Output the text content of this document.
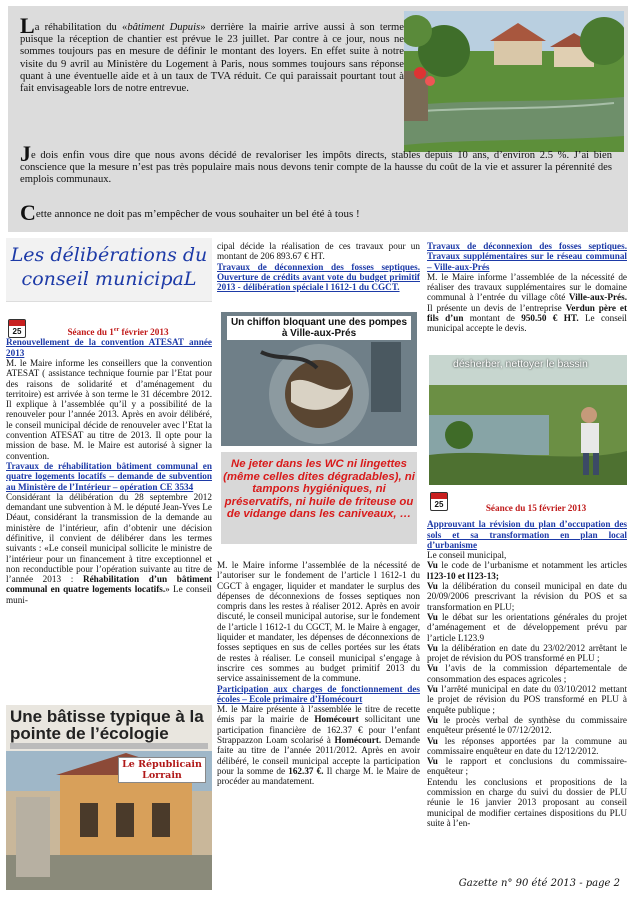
La réhabilitation du «bâtiment Dupuis» derrière la mairie arrive aussi à son terme puisque la réception de chantier est prévue le 23 juillet. Par contre à ce jour, nous ne sommes toujours pas en mesure de définir le montant des loyers. En effet suite à notre visite du 9 avril au Ministère du Logement à Paris, nous sommes toujours sans réponse quant à une éventuelle aide et à un taux de TVA réduit. Ce qui paraissait pourtant tout à fait envisageable lors de notre entrevue.

Je dois enfin vous dire que nous avons décidé de revaloriser les impôts directs, stables depuis 10 ans, d’environ 2.5 %. J’ai bien conscience que la mesure n’est pas très populaire mais nous devons tenir compte de la hausse du coût de la vie et assurer la pérennité des emplois communaux.
Cette annonce ne doit pas m’empêcher de vous souhaiter un bel été à tous !
Les délibérations du
conseil municipaL
25	Séance du 1er février 2013

Renouvellement de la convention ATESAT année 2013

M. le Maire informe les conseillers que la convention ATESAT ( assistance technique fournie par l’Etat pour des raisons de solidarité et d’aménagement du territoire) est arrivée à son terme le 31 décembre 2012. Il explique à l’assemblée qu’il y a possibilité de la renouveler pour l’année 2013. Après en avoir délibéré, le conseil municipal décide de renouveler avec l’Etat la convention ATESAT au titre de 2013. Il opte pour la mission de base. M. le Maire est autorisé à signer la convention.

Travaux de réhabilitation bâtiment communal en quatre logements locatifs – demande de subvention au Ministère de l’Intérieur – opération CE 3534

Considérant la délibération du 28 septembre 2012 demandant une subvention à M. le député Jean-Yves Le Déaut, considérant la transmission de la demande au ministère de l’intérieur, afin d’obtenir une décision définitive, il convient de délibérer dans les termes suivants : «Le conseil municipal sollicite le ministre de l’intérieur pour un financement à titre exceptionnel et non reconductible pour l’opération suivante au titre de l’année 2013 : Réhabilitation d’un bâtiment communal en quatre logements locatifs.» Le conseil muni-

Une bâtisse typique à la pointe de l’écologie
Le Républicain Lorrain

cipal décide la réalisation de ces travaux pour un montant de 206 893.67 € HT.

Travaux de déconnexion des fosses septiques. Ouverture de crédits avant vote du budget primitif 2013 - délibération spéciale l 1612-1 du CGCT.

Un chiffon bloquant une des pompes à Ville-aux-Prés
Ne jeter dans les WC ni lingettes (même celles dites dégradables), ni tampons hygiéniques, ni préservatifs, ni huile de friteuse ou de vidange dans les caniveaux, …

M. le Maire informe l’assemblée de la nécessité de l’autoriser sur le fondement de l’article l 1612-1 du CGCT à engager, liquider et mandater le surplus des dépenses de déconnexions de fosses septiques non compris dans les restes à réaliser 2012. Après en avoir discuté, le conseil municipal autorise, sur le fondement de l’article l 1612-1 du CGCT, M. le Maire à engager, liquider et mandater, les dépenses de déconnexions de fosses septiques en sus de celles portées sur les états de restes à réaliser. Le conseil municipal s’engage à inscrire ces sommes au budget primitif 2013 du service assainissement de la commune.

Participation aux charges de fonctionnement des écoles – Ecole primaire d’Homécourt

M. le Maire présente à l’assemblée le titre de recette émis par la mairie de Homécourt sollicitant une participation financière de 162.37 € pour l’enfant Strappazzon Loam scolarisé à Homécourt. Demande faite au titre de l’année 2011/2012. Après en avoir délibéré, le conseil municipal accepte la participation pour la somme de 162.37 €. Il charge M. le Maire de procéder au mandatement.

Travaux de déconnexion des fosses septiques. Travaux supplémentaires sur le réseau communal – Ville-aux-Prés

M. le Maire informe l’assemblée de la nécessité de réaliser des travaux supplémentaires sur le domaine communal à l’entrée du village côté Ville-aux-Prés. Il présente un devis de l’entreprise Verdun père et fils d’un montant de 950.50 € HT. Le conseil municipal accepte le devis.

désherber, nettoyer le bassin
25	Séance du 15 février 2013

Approuvant la révision du plan d’occupation des sols et sa transformation en plan local d’urbanisme

Le conseil municipal,

Vu le code de l’urbanisme et notamment les articles l123-10 et l123-13;

Vu la délibération du conseil municipal en date du 20/09/2006 prescrivant la révision du POS et sa transformation en PLU;

Vu le débat sur les orientations générales du projet d’aménagement et de développement prévu par l’article L123.9

Vu la délibération en date du 23/02/2012 arrêtant le projet de révision du POS transformé en PLU ;

Vu l’avis de la commission départementale de consommation des espaces agricoles ;

Vu l’arrêté municipal en date du 03/10/2012 mettant le projet de révision du POS transformé en PLU à enquête publique ;

Vu le procès verbal de synthèse du commissaire enquêteur présenté le 07/12/2012.

Vu les réponses apportées par la commune au commissaire enquêteur en date du 12/12/2012.

Vu le rapport et conclusions du commissaire-enquêteur ;

Entendu les conclusions et propositions de la commission en charge du suivi du dossier de PLU réunie le 16 janvier 2013 proposant au conseil municipal de modifier certaines dispositions du PLU suite à l’en-

Gazette n° 90 été 2013 - page 2
